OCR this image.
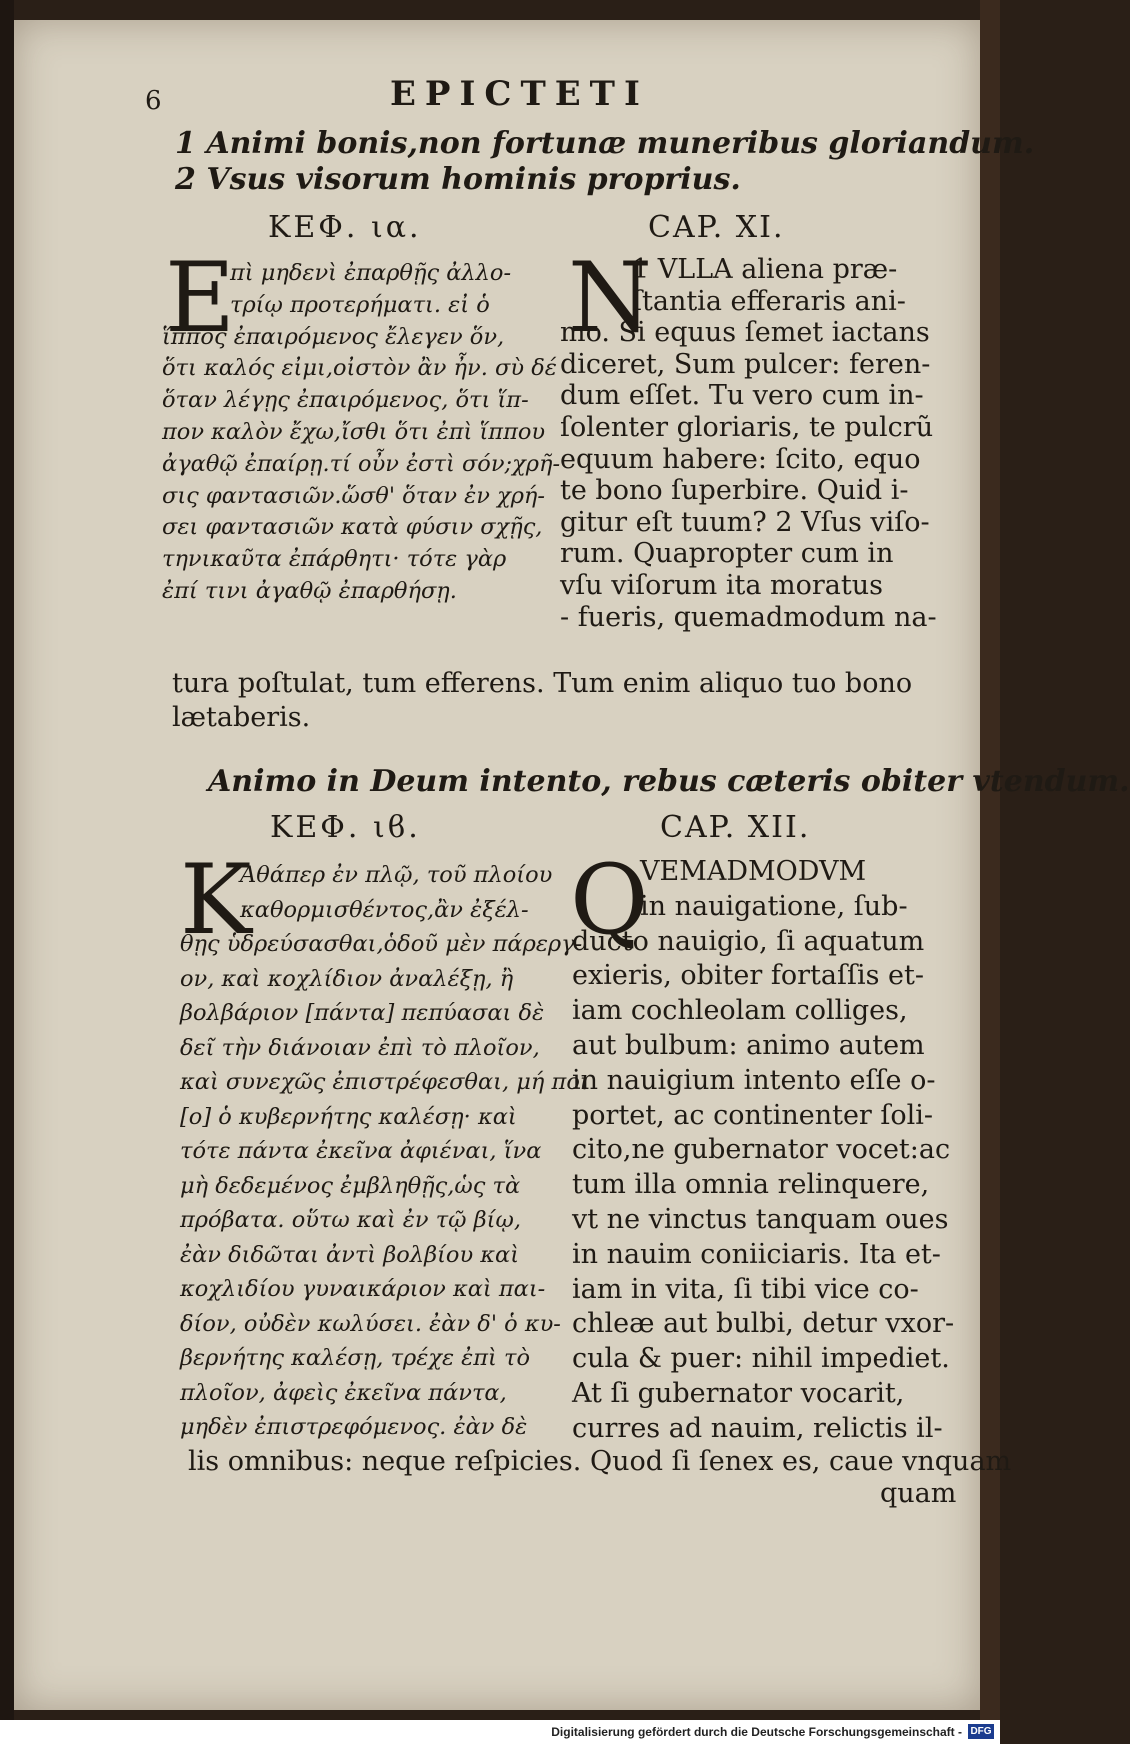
6	EPICTETI
1 Animi bonis,non fortunæ muneribus gloriandum.
2 Vsus visorum hominis proprius.
ΚΕΦ. ια.	CAP. XI.
E
πὶ μηδενὶ ἐπαρθῇς ἀλλο-
τρίῳ προτερήματι. εἰ ὁ
ἵππος ἐπαιρόμενος ἔλεγεν ὅν,
ὅτι καλός εἰμι,οἰστὸν ἂν ἦν. σὺ δέ
ὅταν λέγῃς ἐπαιρόμενος, ὅτι ἵπ-
πον καλὸν ἔχω,ἴσθι ὅτι ἐπὶ ἵππου
ἀγαθῷ ἐπαίρῃ.τί οὖν ἐστὶ σόν;χρῆ-
σις φαντασιῶν.ὥσθ' ὅταν ἐν χρή-
σει φαντασιῶν κατὰ φύσιν σχῇς,
τηνικαῦτα ἐπάρθητι· τότε γὰρ
ἐπί τινι ἀγαθῷ ἐπαρθήσῃ.
N
1 VLLA aliena præ-
ſtantia efferaris ani-
mo. Si equus ſemet iactans
diceret, Sum pulcer: feren-
dum eſſet. Tu vero cum in-
ſolenter gloriaris, te pulcrũ
equum habere: ſcito, equo
te bono ſuperbire. Quid i-
gitur eſt tuum? 2 Vſus viſo-
rum. Quapropter cum in
vſu viſorum ita moratus
- fueris, quemadmodum na-
tura poſtulat, tum efferens. Tum enim aliquo tuo bono
lætaberis.
Animo in Deum intento, rebus cæteris obiter vtendum.
ΚΕΦ. ιϐ.	CAP. XII.
K
Αθάπερ ἐν πλῷ, τοῦ πλοίου
καθορμισθέντος,ἂν ἐξέλ-
θῃς ὑδρεύσασθαι,ὁδοῦ μὲν πάρεργ-
ον, καὶ κοχλίδιον ἀναλέξῃ, ἢ
βολβάριον [πάντα] πεπύασαι δὲ
δεῖ τὴν διάνοιαν ἐπὶ τὸ πλοῖον,
καὶ συνεχῶς ἐπιστρέφεσθαι, μή ποι
[ο] ὁ κυβερνήτης καλέσῃ· καὶ
τότε πάντα ἐκεῖνα ἀφιέναι, ἵνα
μὴ δεδεμένος ἐμβληθῇς,ὡς τὰ
πρόβατα. οὕτω καὶ ἐν τῷ βίῳ,
ἐὰν διδῶται ἀντὶ βολβίου καὶ
κοχλιδίου γυναικάριον καὶ παι-
δίον, οὐδὲν κωλύσει. ἐὰν δ' ὁ κυ-
βερνήτης καλέσῃ, τρέχε ἐπὶ τὸ
πλοῖον, ἀφεὶς ἐκεῖνα πάντα,
μηδὲν ἐπιστρεφόμενος. ἐὰν δὲ
Q
VEMADMODVM
in nauigatione, ſub-
ducto nauigio, ſi aquatum
exieris, obiter fortaſſis et-
iam cochleolam colliges,
aut bulbum: animo autem
in nauigium intento eſſe o-
portet, ac continenter ſoli-
cito,ne gubernator vocet:ac
tum illa omnia relinquere,
vt ne vinctus tanquam oues
in nauim coniiciaris. Ita et-
iam in vita, ſi tibi vice co-
chleæ aut bulbi, detur vxor-
cula & puer: nihil impediet.
At ſi gubernator vocarit,
curres ad nauim, relictis il-
lis omnibus: neque reſpicies. Quod ſi ſenex es, caue vnquam
quam
Digitalisierung gefördert durch die Deutsche Forschungsgemeinschaft - DFG
